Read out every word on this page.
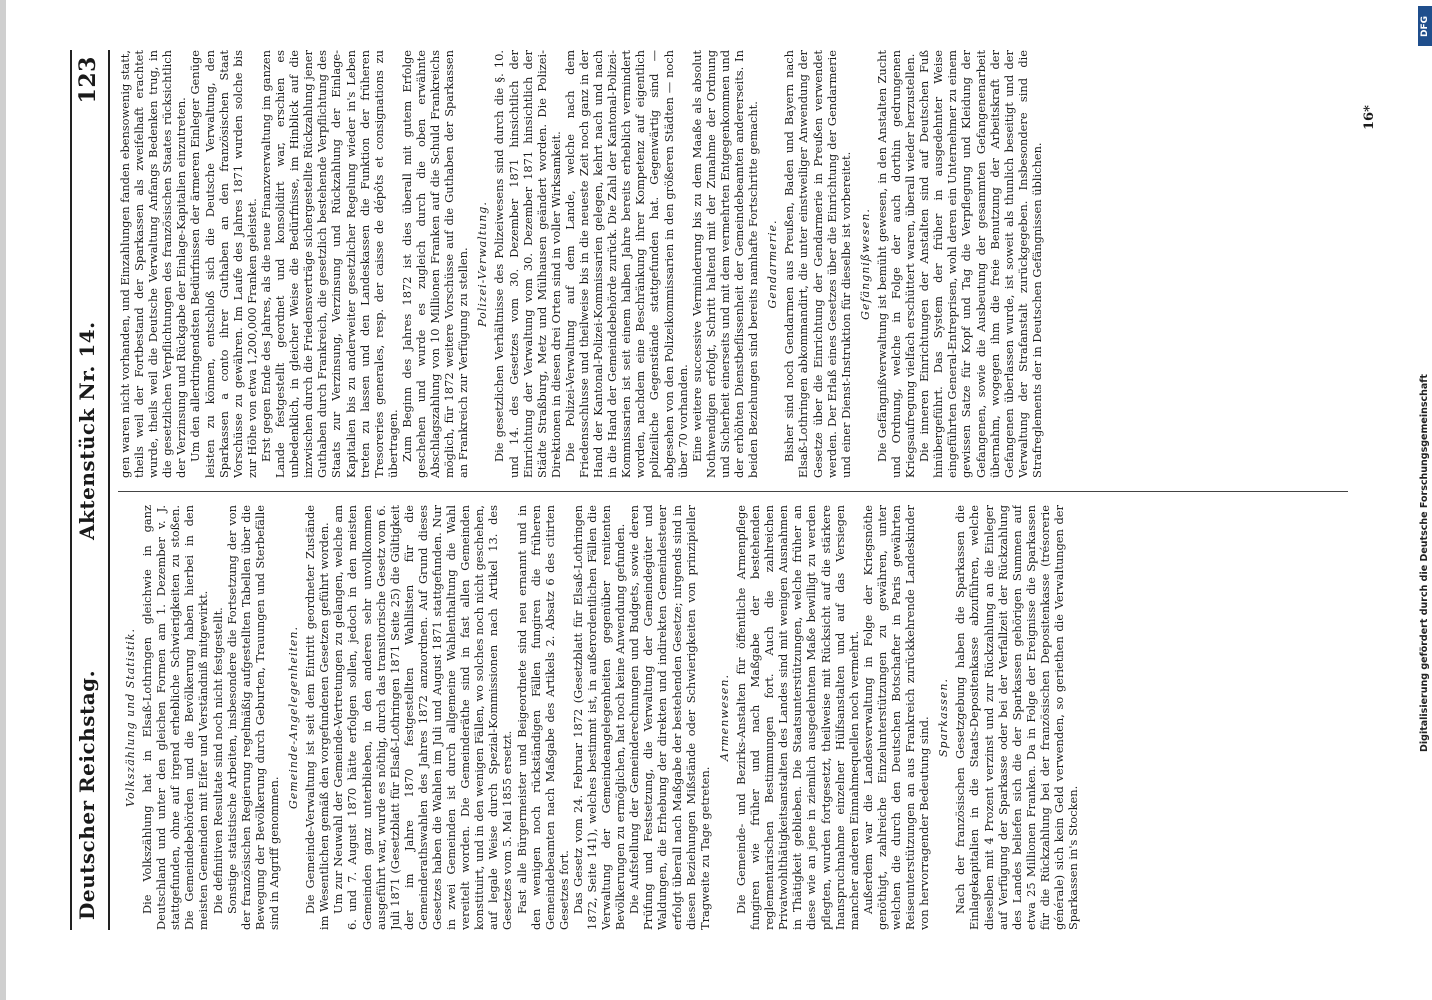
Deutscher Reichstag.
Aktenstück Nr. 14.
123
Volkszählung und Statistik. Die Volkszählung hat in Elsaß-Lothringen gleichwie in ganz Deutschland und unter den gleichen Formen am 1. Dezember v. J. stattgefunden, ohne auf irgend erhebliche Schwierigkeiten zu stoßen. Die Gemeindebehörden und die Bevölkerung haben hierbei in den meisten Gemeinden mit Eifer und Verständniß mitgewirkt. Die definitiven Resultate sind noch nicht festgestellt. Sonstige statistische Arbeiten, insbesondere die Fortsetzung der von der französischen Regierung regelmäßig aufgestellten Tabellen über die Bewegung der Bevölkerung durch Geburten, Trauungen und Sterbefälle sind in Angriff genommen.

Gemeinde-Angelegenheiten. Die Gemeinde-Verwaltung ist seit dem Eintritt geordneter Zustände im Wesentlichen gemäß den vorgefundenen Gesetzen geführt worden. Um zur Neuwahl der Gemeinde-Vertretungen zu gelangen, welche am 6. und 7. August 1870 hätte erfolgen sollen, jedoch in den meisten Gemeinden ganz unterblieben, in den anderen sehr unvollkommen ausgeführt war, wurde es nöthig, durch das transitorische Gesetz vom 6. Juli 1871 (Gesetzblatt für Elsaß-Lothringen 1871 Seite 25) die Gültigkeit der im Jahre 1870 festgestellten Wahllisten für die Gemeinderathswahlen des Jahres 1872 anzuordnen. Auf Grund dieses Gesetzes haben die Wahlen im Juli und August 1871 stattgefunden. Nur in zwei Gemeinden ist durch allgemeine Wahlenthaltung die Wahl vereitelt worden. Die Gemeinderäthe sind in fast allen Gemeinden konstituirt, und in den wenigen Fällen, wo solches noch nicht geschehen, auf legale Weise durch Spezial-Kommissionen nach Artikel 13. des Gesetzes vom 5. Mai 1855 ersetzt. Fast alle Bürgermeister und Beigeordnete sind neu ernannt und in den wenigen noch rückständigen Fällen fungiren die früheren Gemeindebeamten nach Maßgabe des Artikels 2. Absatz 6 des citirten Gesetzes fort. Das Gesetz vom 24. Februar 1872 (Gesetzblatt für Elsaß-Lothringen 1872, Seite 141), welches bestimmt ist, in außerordentlichen Fällen die Verwaltung der Gemeindeangelegenheiten gegenüber renitenten Bevölkerungen zu ermöglichen, hat noch keine Anwendung gefunden. Die Aufstellung der Gemeinderechnungen und Budgets, sowie deren Prüfung und Festsetzung, die Verwaltung der Gemeindegüter und Waldungen, die Erhebung der direkten und indirekten Gemeindesteuer erfolgt überall nach Maßgabe der bestehenden Gesetze; nirgends sind in diesen Beziehungen Mißstände oder Schwierigkeiten von prinzipieller Tragweite zu Tage getreten.

Armenwesen. Die Gemeinde- und Bezirks-Anstalten für öffentliche Armenpflege fungiren wie früher und nach Maßgabe der bestehenden reglementarischen Bestimmungen fort. Auch die zahlreichen Privatwohlthätigkeitsanstalten des Landes sind mit wenigen Ausnahmen in Thätigkeit geblieben. Die Staatsunterstützungen, welche früher an diese wie an jene in ziemlich ausgedehntem Maße bewilligt zu werden pflegten, wurden fortgesetzt, theilweise mit Rücksicht auf die stärkere Inanspruchnahme einzelner Hülfsanstalten und auf das Versiegen mancher anderen Einnahmequellen noch vermehrt. Außerdem war die Landesverwaltung in Folge der Kriegsnöthe genöthigt, zahlreiche Einzelunterstützungen zu gewähren, unter welchen die durch den Deutschen Botschafter in Paris gewährten Reiseunterstützungen an aus Frankreich zurückkehrende Landeskinder von hervorragender Bedeutung sind. Sparkassen. Nach der französischen Gesetzgebung haben die Sparkassen die Einlagekapitalien in die Staats-Depositenkasse abzuführen, welche dieselben mit 4 Prozent verzinst und zur Rückzahlung an die Einleger auf Verfügung der Sparkasse oder bei der Verfallzeit der Rückzahlung des Landes beliefen sich die der Sparkassen gehörigen Summen auf etwa 25 Millionen Franken. Da in Folge der Ereignisse die Sparkassen für die Rückzahlung bei der französischen Depositenkasse (trésorerie générale) sich kein Geld verwenden, so geriethen die Verwaltungen der Sparkassen in's Stocken.

gen waren nicht vorhanden, und Einzahlungen fanden ebensowenig statt, theils weil der Fortbestand der Sparkassen als zweifelhaft erachtet wurde, theils weil die Deutsche Verwaltung Anfangs Bedenken trug, in die gesetzlichen Verpflichtungen des französischen Staates rücksichtlich der Verzinsung und Rückgabe der Einlage-Kapitalien einzutreten. Um den allerdringendsten Bedürfnissen der ärmeren Einleger Genüge leisten zu können, entschloß sich die Deutsche Verwaltung, den Sparkassen a conto ihrer Guthaben an den französischen Staat Vorschüsse zu gewähren. Im Laufe des Jahres 1871 wurden solche bis zur Höhe von etwa 1,200,000 Franken geleistet. Erst gegen Ende des Jahres, als die neue Finanzverwaltung im ganzen Lande festgestellt geordnet und konsolidirt war, erschien es unbedenklich, in gleicher Weise die Bedürfnisse, im Hinblick auf die inzwischen durch die Friedensverträge sichergestellte Rückzahlung jener Guthaben durch Frankreich, die gesetzlich bestehende Verpflichtung des Staats zur Verzinsung, Verzinsung und Rückzahlung der Einlage-Kapitalien bis zu anderweiter gesetzlicher Regelung wieder in's Leben treten zu lassen und den Landeskassen die Funktion der früheren Tresoreries generales, resp. der caisse de dépôts et consignations zu übertragen. Zum Beginn des Jahres 1872 ist dies überall mit gutem Erfolge geschehen und wurde es zugleich durch die oben erwähnte Abschlagszahlung von 10 Millionen Franken auf die Schuld Frankreichs möglich, für 1872 weitere Vorschüsse auf die Guthaben der Sparkassen an Frankreich zur Verfügung zu stellen. Polizei-Verwaltung. Die gesetzlichen Verhältnisse des Polizeiwesens sind durch die §. 10. und 14. des Gesetzes vom 30. Dezember 1871 hinsichtlich der Einrichtung der Verwaltung vom 30. Dezember 1871 hinsichtlich der Städte Straßburg, Metz und Mülhausen geändert worden. Die Polizei-Direktionen in diesen drei Orten sind in voller Wirksamkeit. Die Polizei-Verwaltung auf dem Lande, welche nach dem Friedensschlusse und theilweise bis in die neueste Zeit noch ganz in der Hand der Kantonal-Polizei-Kommissarien gelegen, kehrt nach und nach in die Hand der Gemeindebehörde zurück. Die Zahl der Kantonal-Polizei-Kommissarien ist seit einem halben Jahre bereits erheblich vermindert worden, nachdem eine Beschränkung ihrer Kompetenz auf eigentlich polizeiliche Gegenstände stattgefunden hat. Gegenwärtig sind — abgesehen von den Polizeikommissarien in den größeren Städten — noch über 70 vorhanden. Eine weitere successive Verminderung bis zu dem Maaße als absolut Nothwendigen erfolgt, Schritt haltend mit der Zunahme der Ordnung und Sicherheit einerseits und mit dem vermehrten Entgegenkommen und der erhöhten Dienstbeflissenheit der Gemeindebeamten andererseits. In beiden Beziehungen sind bereits namhafte Fortschritte gemacht. Gendarmerie. Bisher sind noch Gendarmen aus Preußen, Baden und Bayern nach Elsaß-Lothringen abkommandirt, die unter einstweiliger Anwendung der Gesetze über die Einrichtung der Gendarmerie in Preußen verwendet werden. Der Erlaß eines Gesetzes über die Einrichtung der Gendarmerie und einer Dienst-Instruktion für dieselbe ist vorbereitet. Gefängnißwesen. Die Gefängnißverwaltung ist bemüht gewesen, in den Anstalten Zucht und Ordnung, welche in Folge der auch dorthin gedrungenen Kriegsaufregung vielfach erschüttert waren, überall wieder herzustellen. Die inneren Einrichtungen der Anstalten sind auf Deutschen Fuß hinübergeführt. Das System der früher in ausgedehnter Weise eingeführten General-Entreprisen, wohl deren ein Unternehmer zu einem gewissen Satze für Kopf und Tag die Verpflegung und Kleidung der Gefangenen, sowie die Ausbeutung der gesammten Gefangenenarbeit übernahm, wogegen ihm die freie Benutzung der Arbeitskraft der Gefangenen überlassen wurde, ist soweit als thunlich beseitigt und der Verwaltung der Strafanstalt zurückgegeben. Insbesondere sind die Strafreglements der in Deutschen Gefängnissen üblichen.

16*
DFG
Digitalisierung gefördert durch die Deutsche Forschungsgemeinschaft
